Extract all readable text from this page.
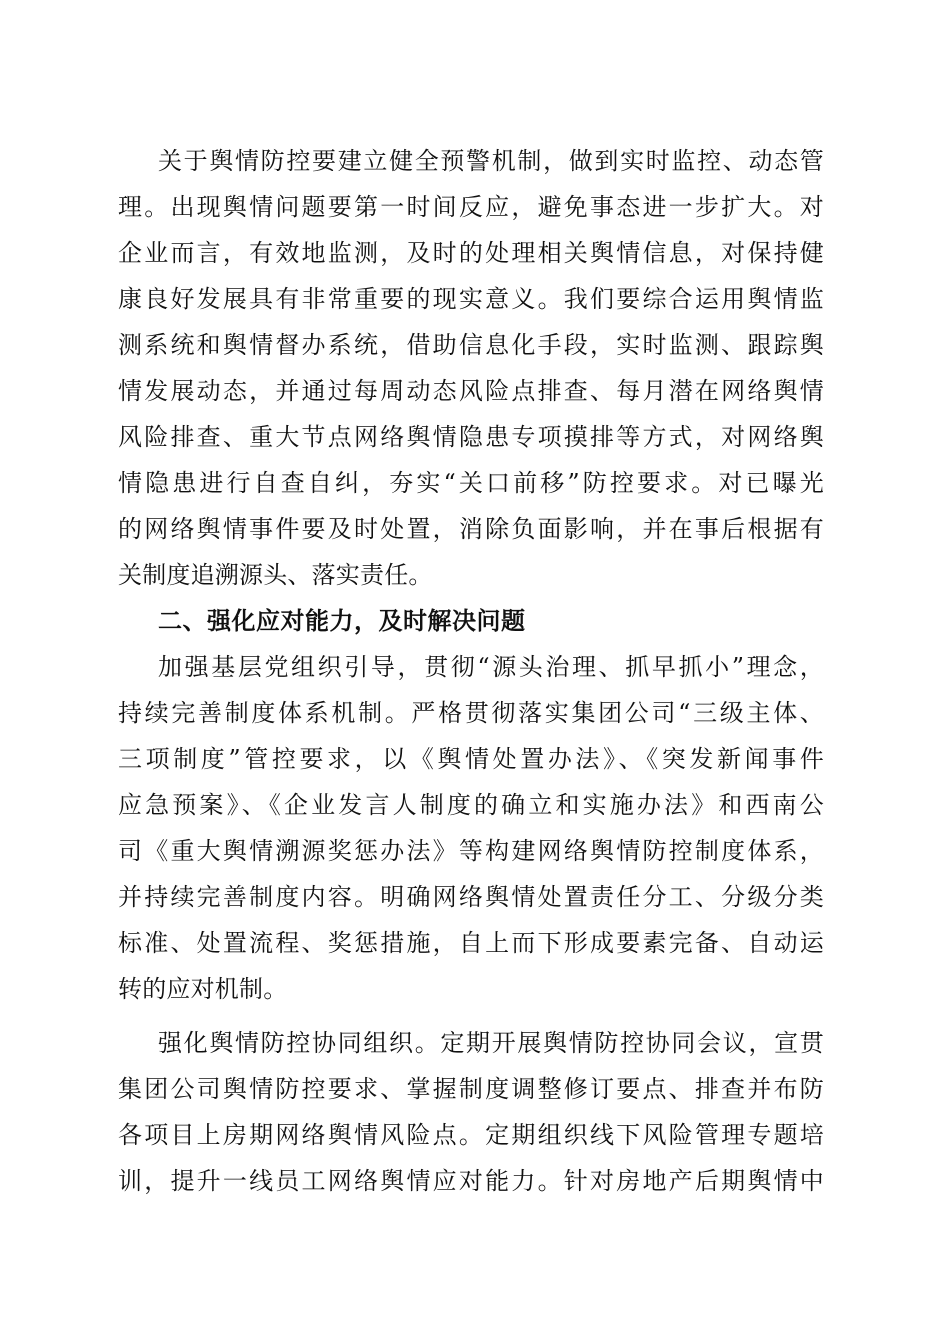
关于舆情防控要建立健全预警机制，做到实时监控、动态管
理。出现舆情问题要第一时间反应，避免事态进一步扩大。对
企业而言，有效地监测，及时的处理相关舆情信息，对保持健
康良好发展具有非常重要的现实意义。我们要综合运用舆情监
测系统和舆情督办系统，借助信息化手段，实时监测、跟踪舆
情发展动态，并通过每周动态风险点排查、每月潜在网络舆情
风险排查、重大节点网络舆情隐患专项摸排等方式，对网络舆
情隐患进行自查自纠，夯实“关口前移”防控要求。对已曝光
的网络舆情事件要及时处置，消除负面影响，并在事后根据有
关制度追溯源头、落实责任。
二、强化应对能力，及时解决问题
加强基层党组织引导，贯彻“源头治理、抓早抓小”理念，
持续完善制度体系机制。严格贯彻落实集团公司“三级主体、
三项制度”管控要求，以《舆情处置办法》、《突发新闻事件
应急预案》、《企业发言人制度的确立和实施办法》和西南公
司《重大舆情溯源奖惩办法》等构建网络舆情防控制度体系，
并持续完善制度内容。明确网络舆情处置责任分工、分级分类
标准、处置流程、奖惩措施，自上而下形成要素完备、自动运
转的应对机制。
强化舆情防控协同组织。定期开展舆情防控协同会议，宣贯
集团公司舆情防控要求、掌握制度调整修订要点、排查并布防
各项目上房期网络舆情风险点。定期组织线下风险管理专题培
训，提升一线员工网络舆情应对能力。针对房地产后期舆情中
